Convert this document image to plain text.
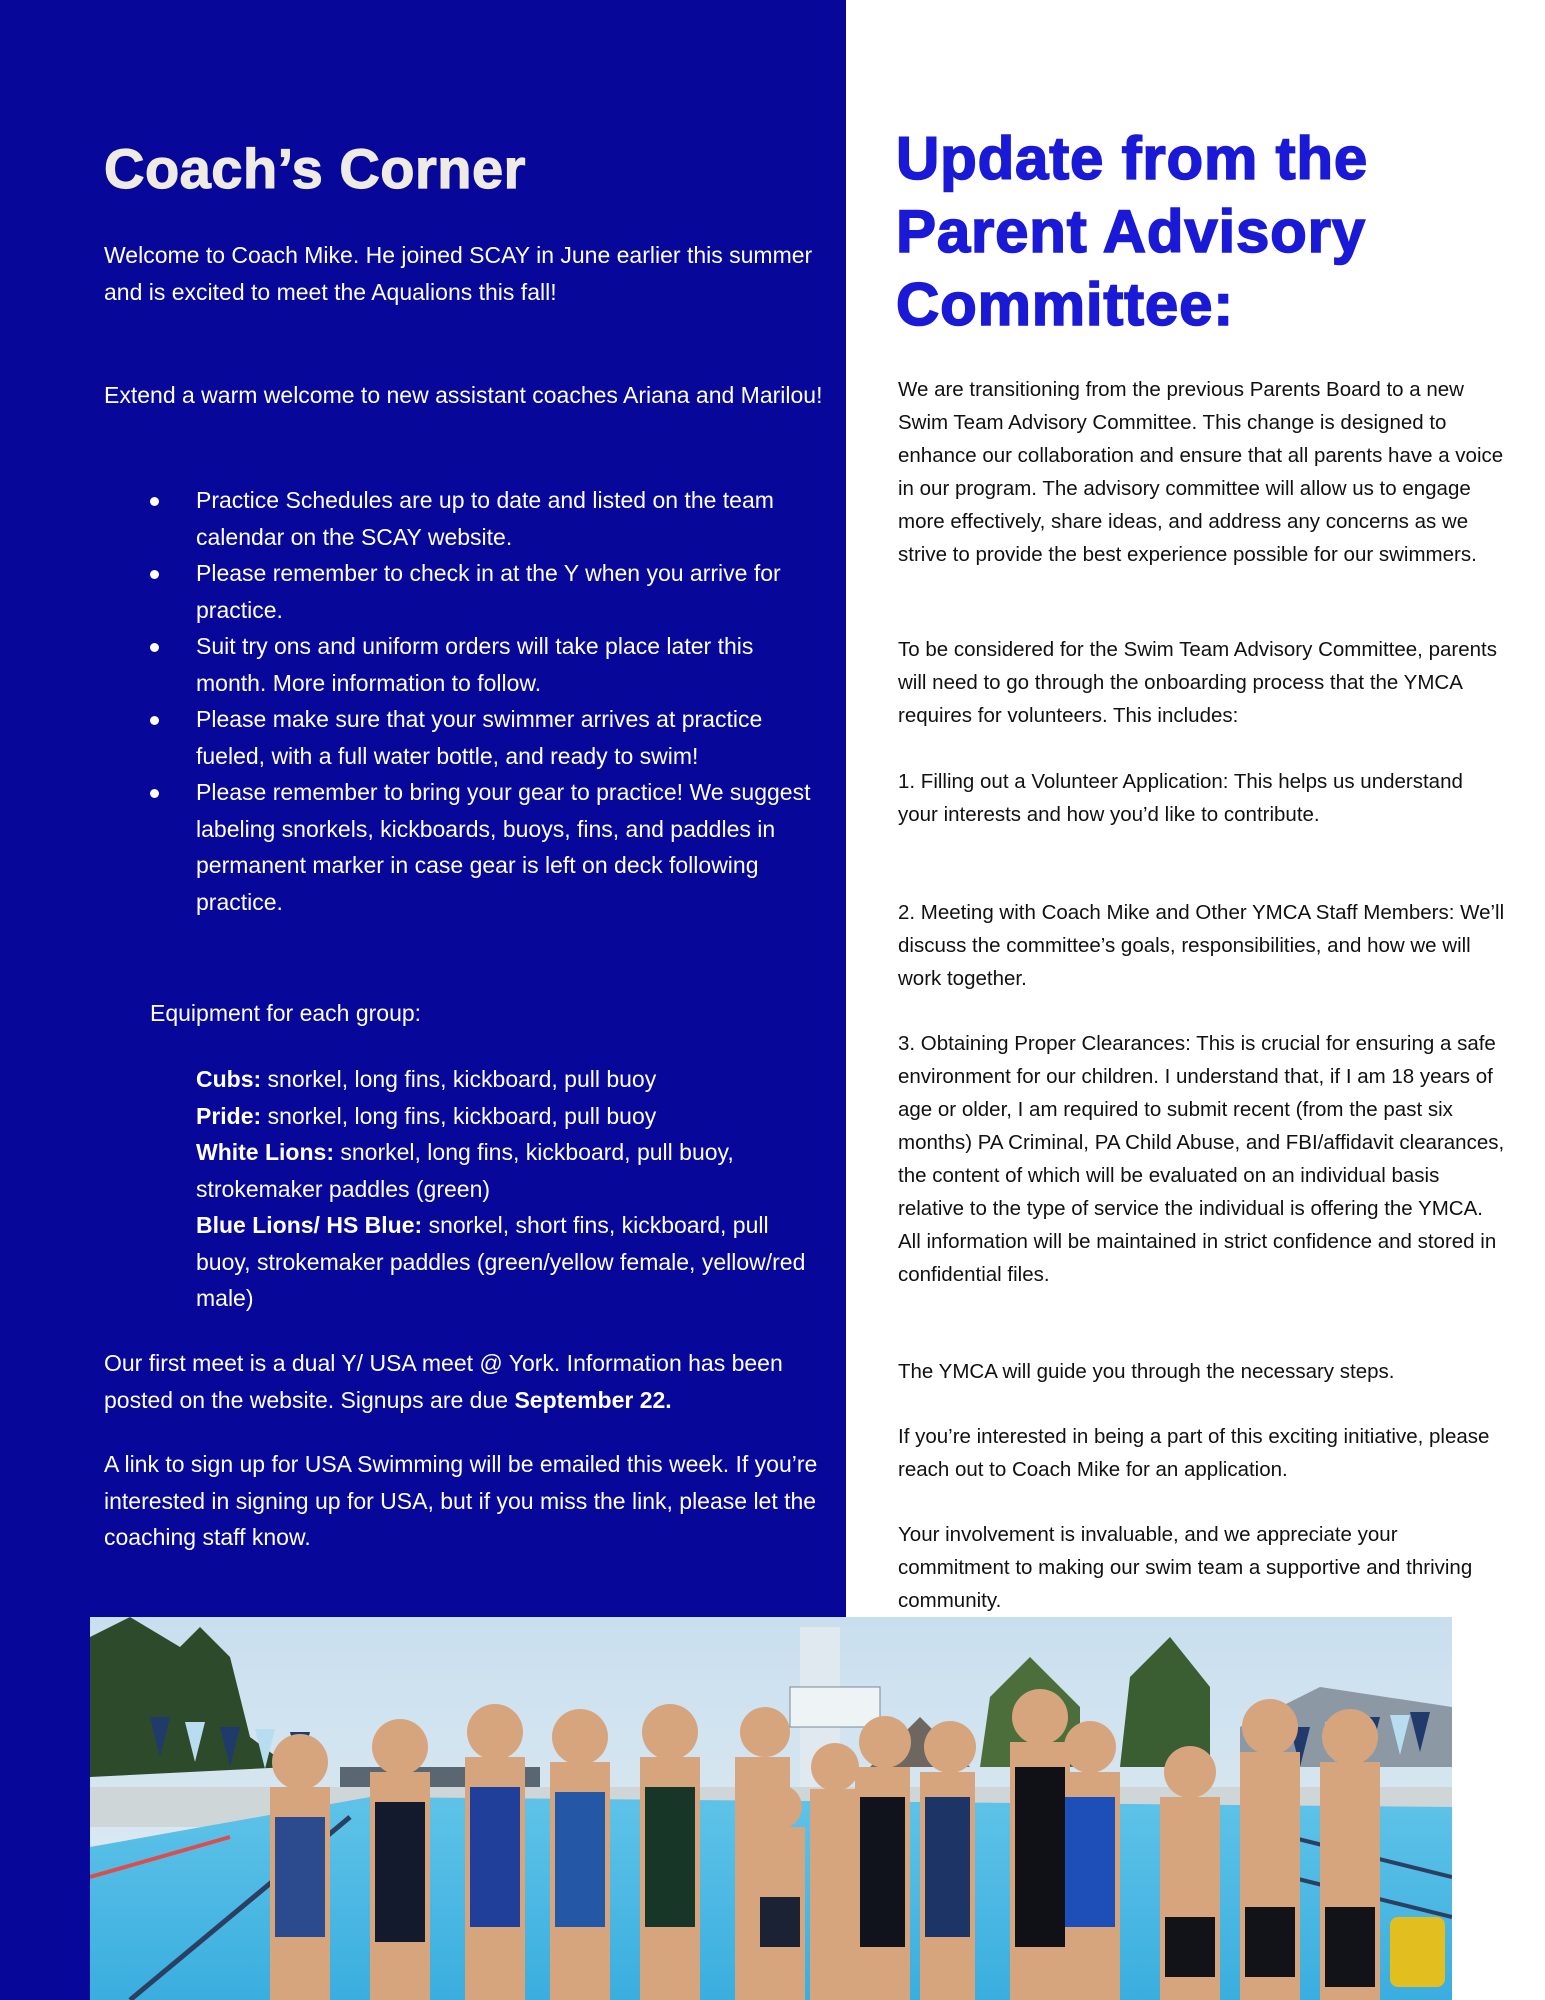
Coach’s Corner

Welcome to Coach Mike. He joined SCAY in June earlier this summer and is excited to meet the Aqualions this fall!

Extend a warm welcome to new assistant coaches Ariana and Marilou!

Practice Schedules are up to date and listed on the team calendar on the SCAY website.
Please remember to check in at the Y when you arrive for practice.
Suit try ons and uniform orders will take place later this month. More information to follow.
Please make sure that your swimmer arrives at practice fueled, with a full water bottle, and ready to swim!
Please remember to bring your gear to practice! We suggest labeling snorkels, kickboards, buoys, fins, and paddles in permanent marker in case gear is left on deck following practice.
Equipment for each group:
Cubs: snorkel, long fins, kickboard, pull buoy
Pride: snorkel, long fins, kickboard, pull buoy
White Lions: snorkel, long fins, kickboard, pull buoy, strokemaker paddles (green)
Blue Lions/ HS Blue: snorkel, short fins, kickboard, pull buoy, strokemaker paddles (green/yellow female, yellow/red male)

Our first meet is a dual Y/ USA meet @ York. Information has been posted on the website. Signups are due September 22.

A link to sign up for USA Swimming will be emailed this week. If you’re interested in signing up for USA, but if you miss the link, please let the coaching staff know.

Update from the
Parent Advisory
Committee:

We are transitioning from the previous Parents Board to a new Swim Team Advisory Committee. This change is designed to enhance our collaboration and ensure that all parents have a voice in our program. The advisory committee will allow us to engage more effectively, share ideas, and address any concerns as we strive to provide the best experience possible for our swimmers.

To be considered for the Swim Team Advisory Committee, parents will need to go through the onboarding process that the YMCA requires for volunteers. This includes:

1. Filling out a Volunteer Application: This helps us understand your interests and how you’d like to contribute.

2. Meeting with Coach Mike and Other YMCA Staff Members: We’ll discuss the committee’s goals, responsibilities, and how we will work together.

3. Obtaining Proper Clearances: This is crucial for ensuring a safe environment for our children. I understand that, if I am 18 years of age or older, I am required to submit recent (from the past six months) PA Criminal, PA Child Abuse, and FBI/affidavit clearances, the content of which will be evaluated on an individual basis relative to the type of service the individual is offering the YMCA. All information will be maintained in strict confidence and stored in confidential files.

The YMCA will guide you through the necessary steps.

If you’re interested in being a part of this exciting initiative, please reach out to Coach Mike for an application.

Your involvement is invaluable, and we appreciate your commitment to making our swim team a supportive and thriving community.
